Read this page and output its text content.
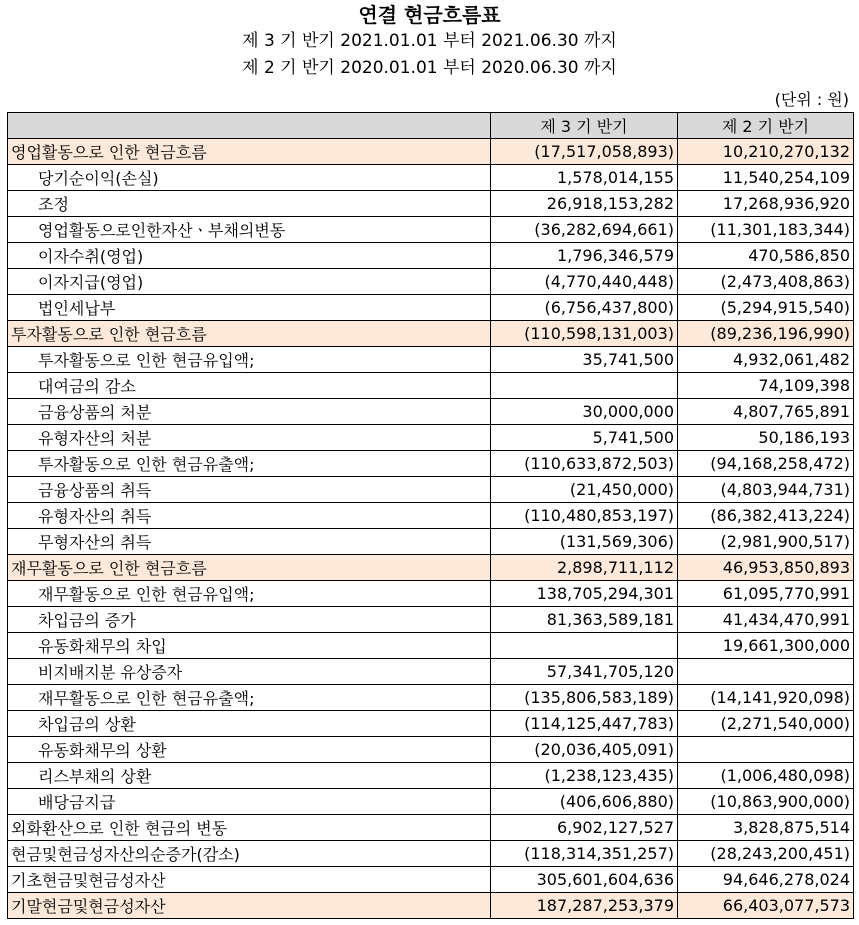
연결 현금흐름표
제 3 기 반기 2021.01.01 부터 2021.06.30 까지
제 2 기 반기 2020.01.01 부터 2020.06.30 까지
(단위 : 원)
	제 3 기 반기	제 2 기 반기
영업활동으로 인한 현금흐름	(17,517,058,893)	10,210,270,132
당기순이익(손실)	1,578,014,155	11,540,254,109
조정	26,918,153,282	17,268,936,920
영업활동으로인한자산ㆍ부채의변동	(36,282,694,661)	(11,301,183,344)
이자수취(영업)	1,796,346,579	470,586,850
이자지급(영업)	(4,770,440,448)	(2,473,408,863)
법인세납부	(6,756,437,800)	(5,294,915,540)
투자활동으로 인한 현금흐름	(110,598,131,003)	(89,236,196,990)
투자활동으로 인한 현금유입액;	35,741,500	4,932,061,482
대여금의 감소		74,109,398
금융상품의 처분	30,000,000	4,807,765,891
유형자산의 처분	5,741,500	50,186,193
투자활동으로 인한 현금유출액;	(110,633,872,503)	(94,168,258,472)
금융상품의 취득	(21,450,000)	(4,803,944,731)
유형자산의 취득	(110,480,853,197)	(86,382,413,224)
무형자산의 취득	(131,569,306)	(2,981,900,517)
재무활동으로 인한 현금흐름	2,898,711,112	46,953,850,893
재무활동으로 인한 현금유입액;	138,705,294,301	61,095,770,991
차입금의 증가	81,363,589,181	41,434,470,991
유동화채무의 차입		19,661,300,000
비지배지분 유상증자	57,341,705,120	
재무활동으로 인한 현금유출액;	(135,806,583,189)	(14,141,920,098)
차입금의 상환	(114,125,447,783)	(2,271,540,000)
유동화채무의 상환	(20,036,405,091)	
리스부채의 상환	(1,238,123,435)	(1,006,480,098)
배당금지급	(406,606,880)	(10,863,900,000)
외화환산으로 인한 현금의 변동	6,902,127,527	3,828,875,514
현금및현금성자산의순증가(감소)	(118,314,351,257)	(28,243,200,451)
기초현금및현금성자산	305,601,604,636	94,646,278,024
기말현금및현금성자산	187,287,253,379	66,403,077,573
